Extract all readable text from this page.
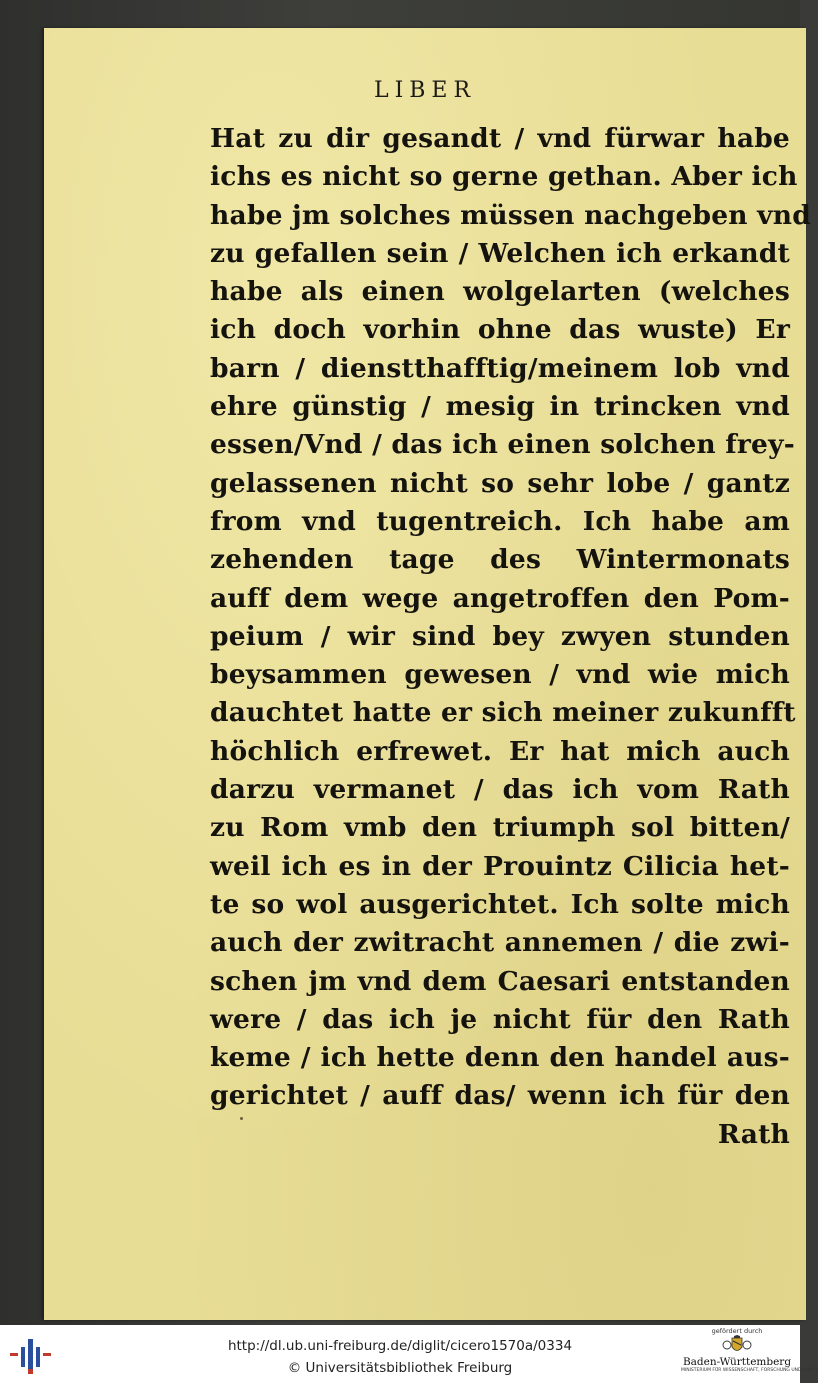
LIBER
Hat zu dir gesandt / vnd fürwar habe
ichs es nicht so gerne gethan. Aber ich
habe jm solches müssen nachgeben vnd
zu gefallen sein / Welchen ich erkandt
habe als einen wolgelarten (welches
ich doch vorhin ohne das wuste) Er
barn / dienstthafftig/meinem lob vnd
ehre günstig / mesig in trincken vnd
essen/Vnd / das ich einen solchen frey-
gelassenen nicht so sehr lobe / gantz
from vnd tugentreich. Ich habe am
zehenden tage des Wintermonats
auff dem wege angetroffen den Pom-
peium / wir sind bey zwyen stunden
beysammen gewesen / vnd wie mich
dauchtet hatte er sich meiner zukunfft
höchlich erfrewet. Er hat mich auch
darzu vermanet / das ich vom Rath
zu Rom vmb den triumph sol bitten/
weil ich es in der Prouintz Cilicia het-
te so wol ausgerichtet. Ich solte mich
auch der zwitracht annemen / die zwi-
schen jm vnd dem Caesari entstanden
were / das ich je nicht für den Rath
keme / ich hette denn den handel aus-
gerichtet / auff das/ wenn ich für den
Rath
http://dl.ub.uni-freiburg.de/diglit/cicero1570a/0334
© Universitätsbibliothek Freiburg
gefördert durch
Baden-Württemberg
MINISTERIUM FÜR WISSENSCHAFT, FORSCHUNG UND KUNST
